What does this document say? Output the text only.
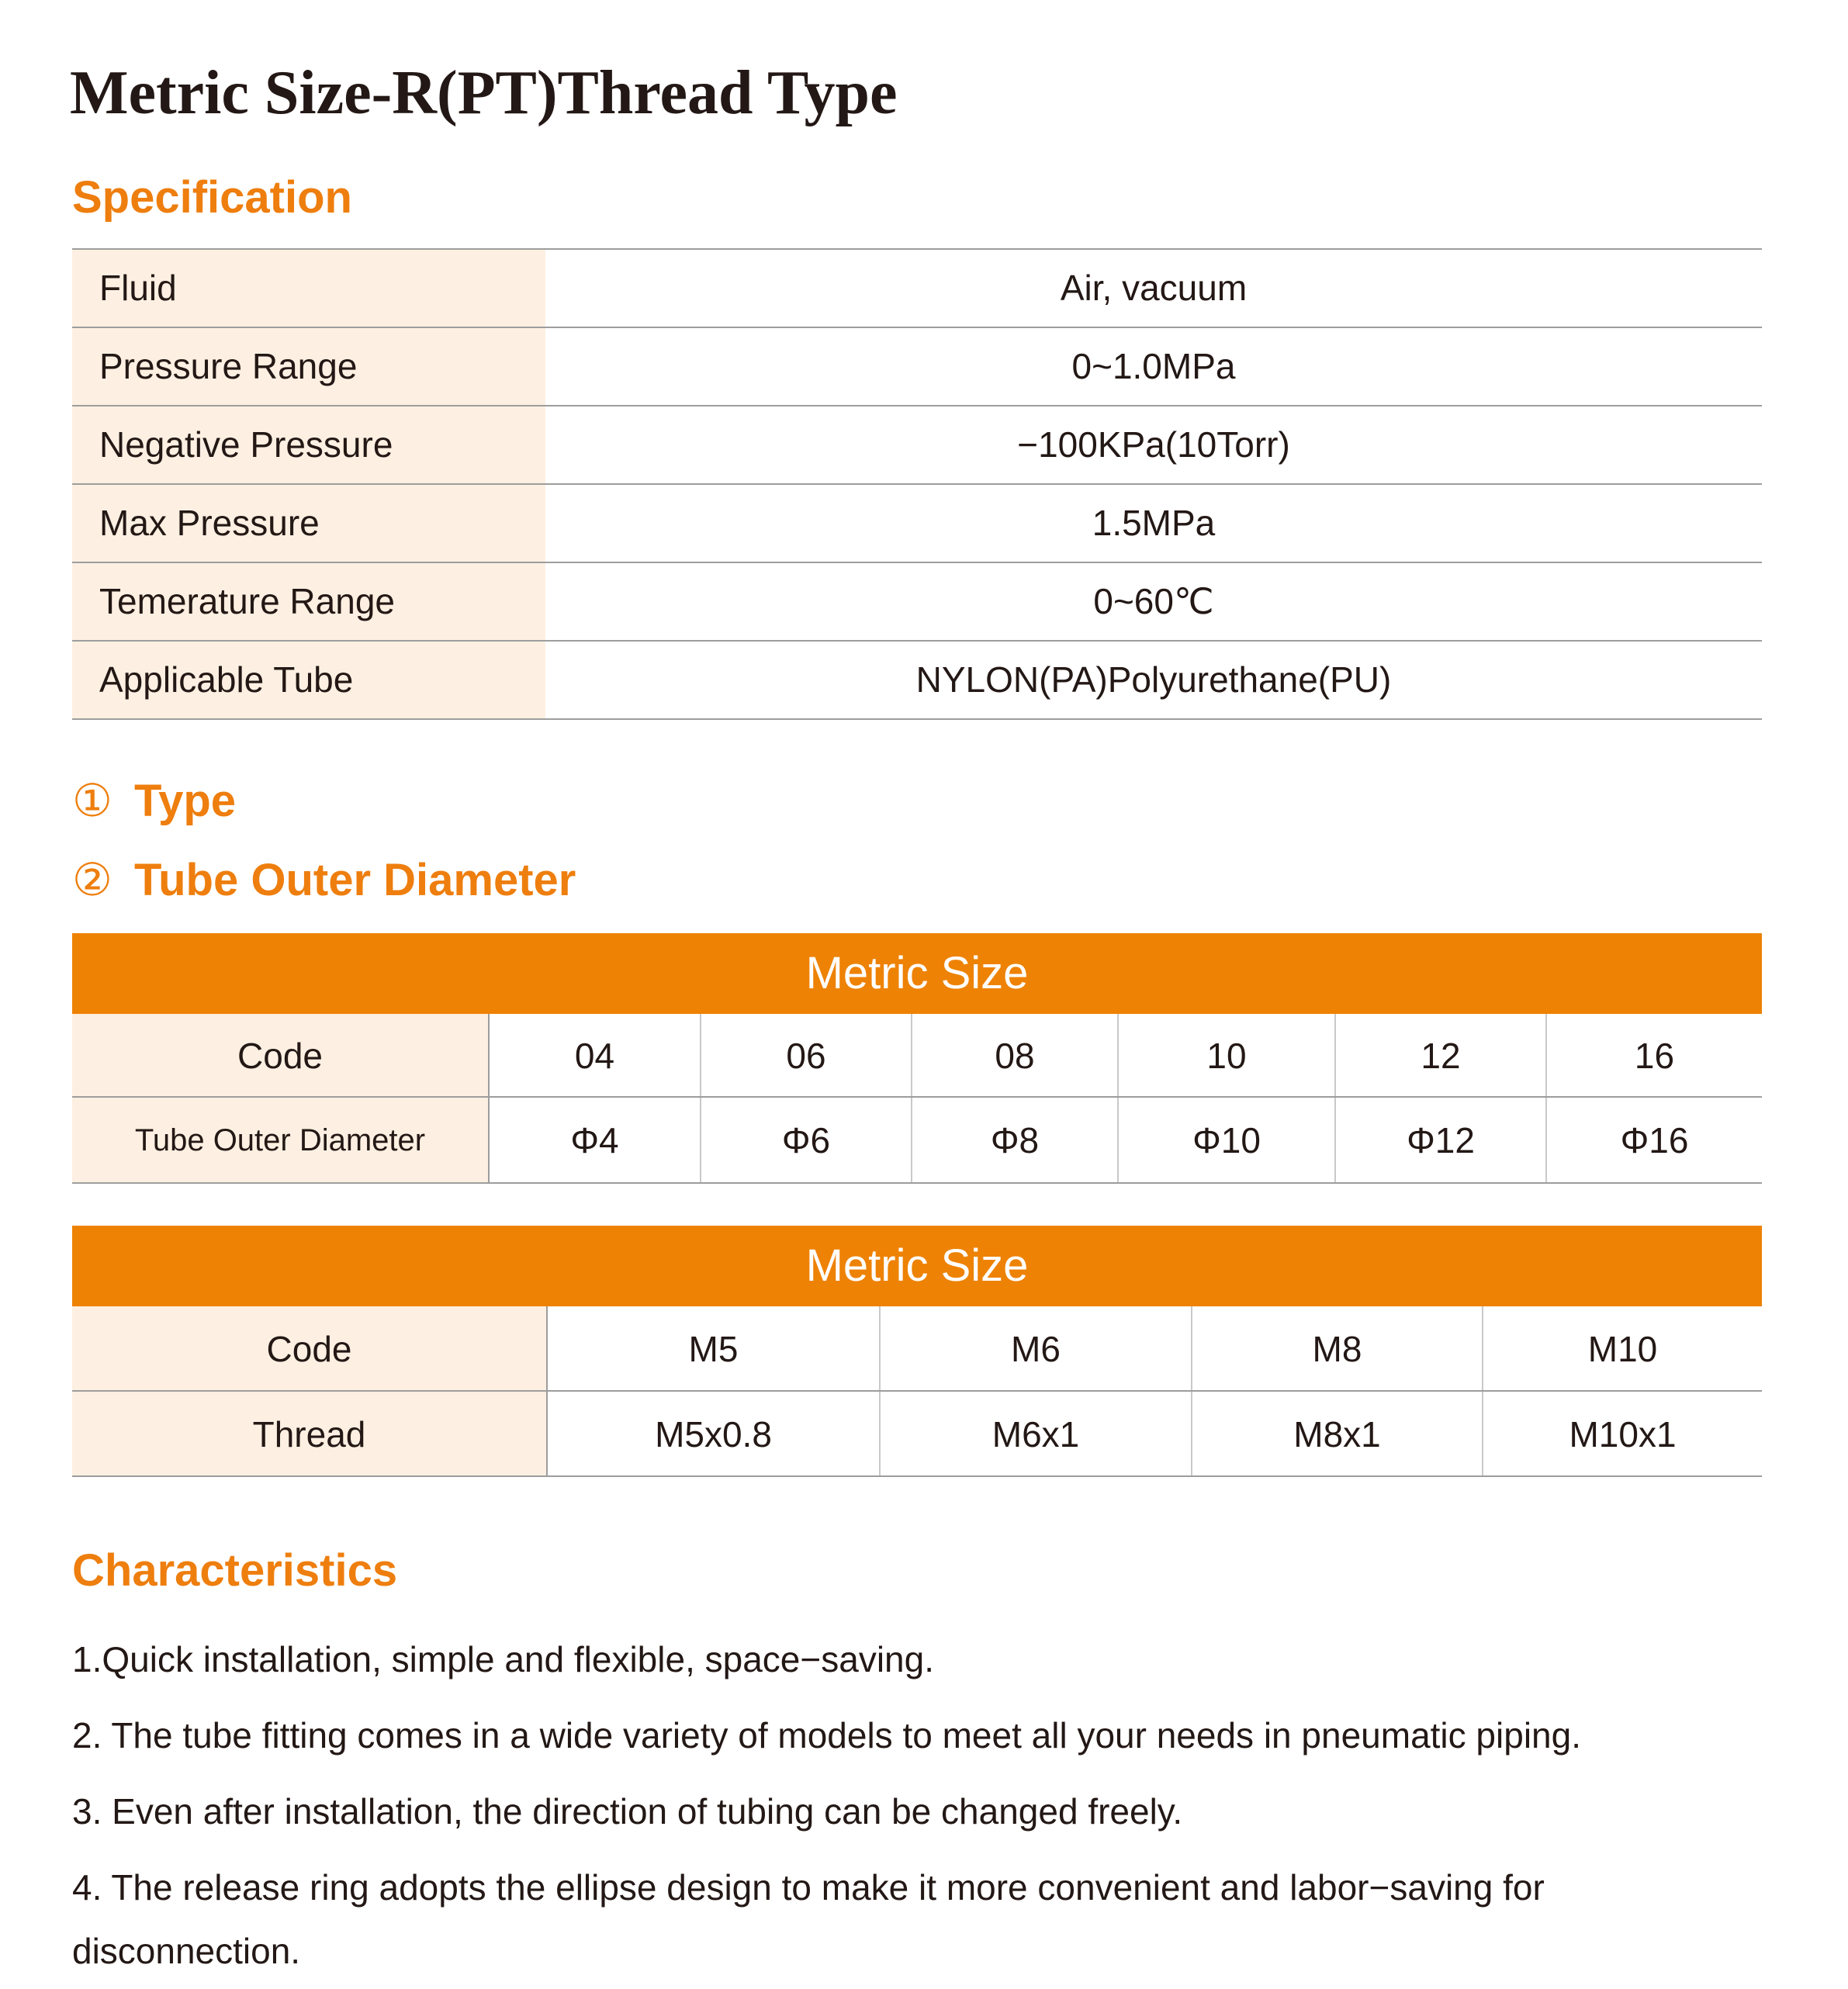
Metric Size-R(PT)Thread Type
Specification
Fluid	Air, vacuum
Pressure Range	0~1.0MPa
Negative Pressure	−100KPa(10Torr)
Max Pressure	1.5MPa
Temerature Range	0~60℃
Applicable Tube	NYLON(PA)Polyurethane(PU)
① Type
② Tube Outer Diameter
Metric Size
Code	04	06	08	10	12	16
Tube Outer Diameter	Φ4	Φ6	Φ8	Φ10	Φ12	Φ16
Metric Size
Code	M5	M6	M8	M10
Thread	M5x0.8	M6x1	M8x1	M10x1
Characteristics
1.Quick installation, simple and flexible, space−saving.
2. The tube fitting comes in a wide variety of models to meet all your needs in pneumatic piping.
3. Even after installation, the direction of tubing can be changed freely.
4. The release ring adopts the ellipse design to make it more convenient and labor−saving for disconnection.
